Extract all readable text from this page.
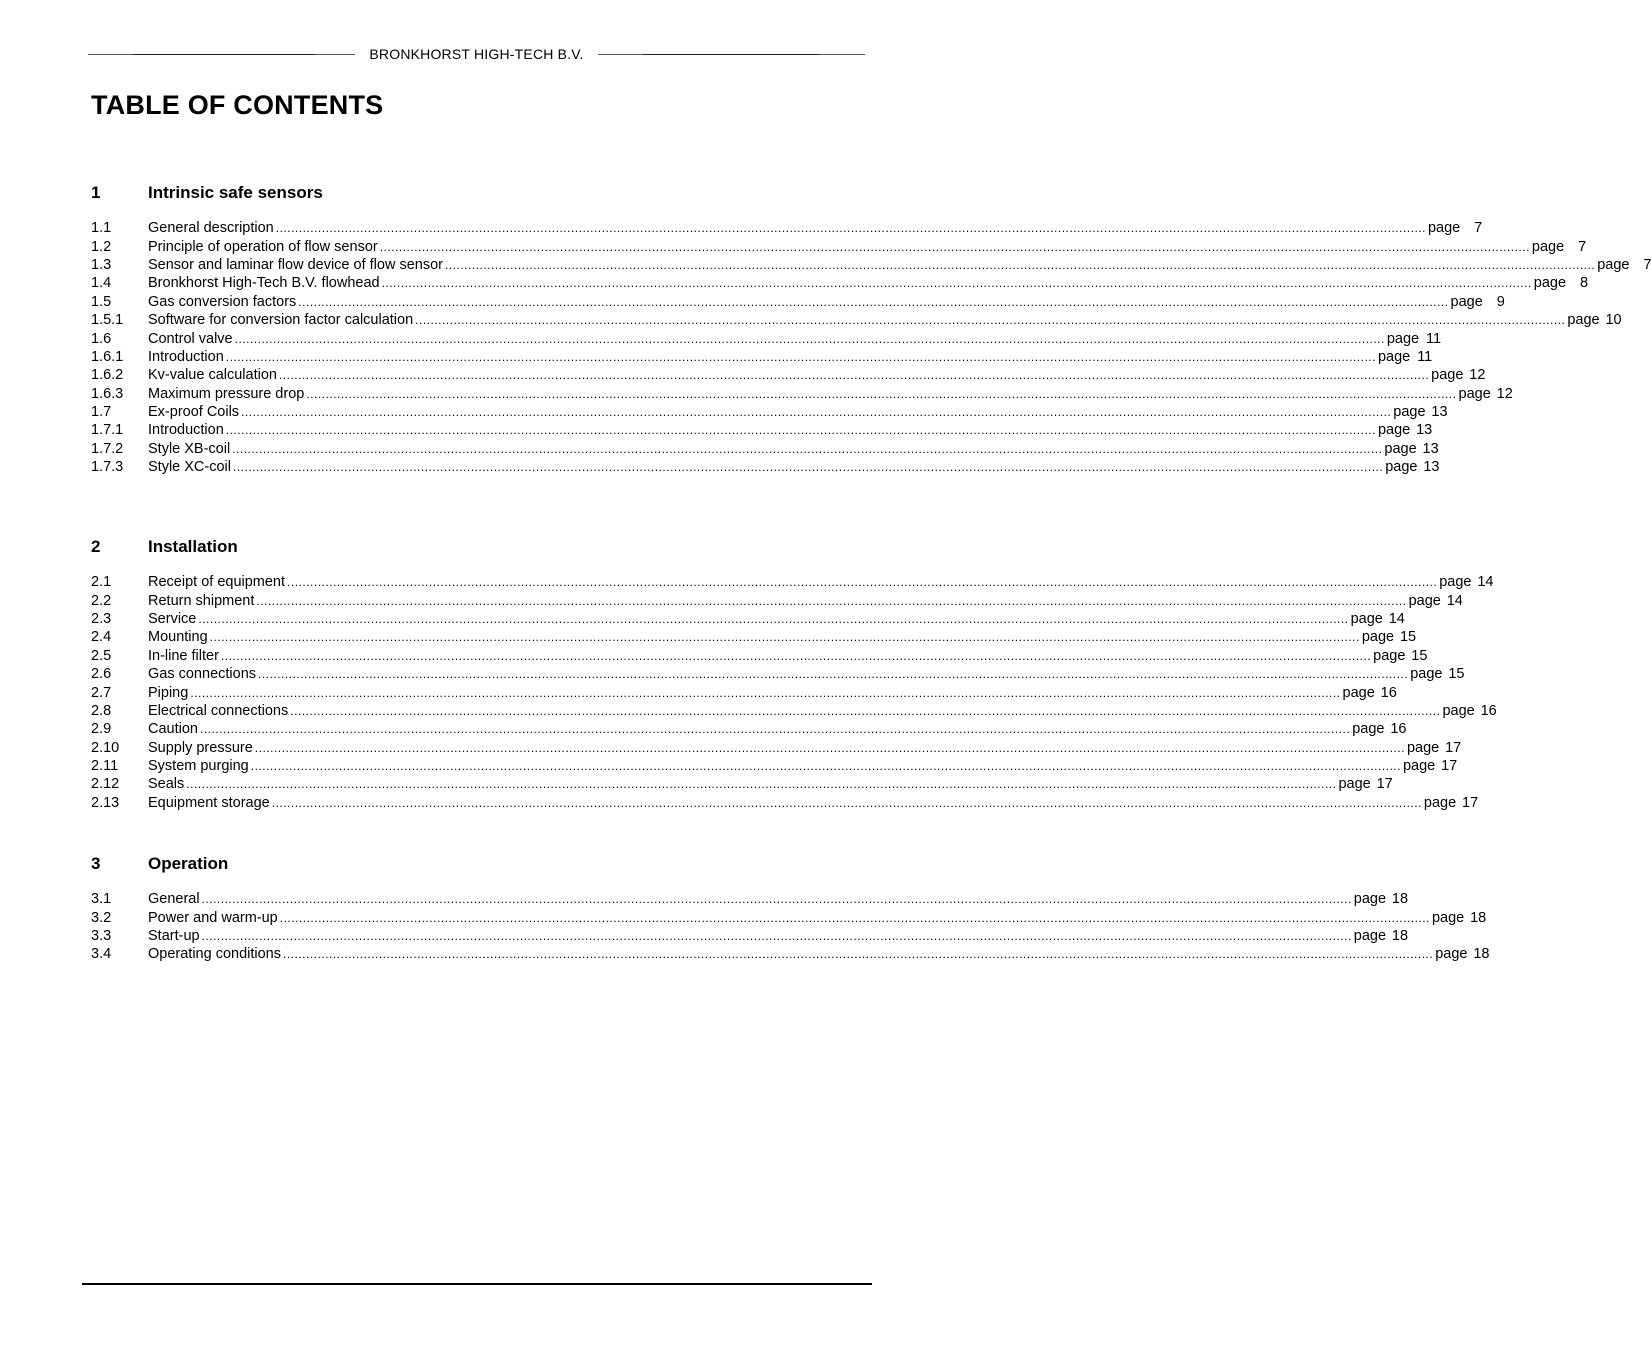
BRONKHORST HIGH-TECH B.V.
TABLE OF CONTENTS
1	Intrinsic safe sensors
1.1	General description ............................................................................................................................................................................................................................................................................................................ page 7
1.2	Principle of operation of flow sensor ............................................................................................................................................................................................................................................................................................................ page 7
1.3	Sensor and laminar flow device of flow sensor ............................................................................................................................................................................................................................................................................................................ page 7
1.4	Bronkhorst High-Tech B.V. flowhead ............................................................................................................................................................................................................................................................................................................ page 8
1.5	Gas conversion factors ............................................................................................................................................................................................................................................................................................................ page 9
1.5.1	Software for conversion factor calculation ............................................................................................................................................................................................................................................................................................................ page 10
1.6	Control valve ............................................................................................................................................................................................................................................................................................................ page 11
1.6.1	Introduction ............................................................................................................................................................................................................................................................................................................ page 11
1.6.2	Kv-value calculation ............................................................................................................................................................................................................................................................................................................ page 12
1.6.3	Maximum pressure drop ............................................................................................................................................................................................................................................................................................................ page 12
1.7	Ex-proof Coils ............................................................................................................................................................................................................................................................................................................ page 13
1.7.1	Introduction ............................................................................................................................................................................................................................................................................................................ page 13
1.7.2	Style XB-coil ............................................................................................................................................................................................................................................................................................................ page 13
1.7.3	Style XC-coil ............................................................................................................................................................................................................................................................................................................ page 13
2	Installation
2.1	Receipt of equipment ............................................................................................................................................................................................................................................................................................................ page 14
2.2	Return shipment ............................................................................................................................................................................................................................................................................................................ page 14
2.3	Service ............................................................................................................................................................................................................................................................................................................ page 14
2.4	Mounting ............................................................................................................................................................................................................................................................................................................ page 15
2.5	In-line filter ............................................................................................................................................................................................................................................................................................................ page 15
2.6	Gas connections ............................................................................................................................................................................................................................................................................................................ page 15
2.7	Piping ............................................................................................................................................................................................................................................................................................................ page 16
2.8	Electrical connections ............................................................................................................................................................................................................................................................................................................ page 16
2.9	Caution ............................................................................................................................................................................................................................................................................................................ page 16
2.10	Supply pressure ............................................................................................................................................................................................................................................................................................................ page 17
2.11	System purging ............................................................................................................................................................................................................................................................................................................ page 17
2.12	Seals ............................................................................................................................................................................................................................................................................................................ page 17
2.13	Equipment storage ............................................................................................................................................................................................................................................................................................................ page 17
3	Operation
3.1	General ............................................................................................................................................................................................................................................................................................................ page 18
3.2	Power and warm-up ............................................................................................................................................................................................................................................................................................................ page 18
3.3	Start-up ............................................................................................................................................................................................................................................................................................................ page 18
3.4	Operating conditions ............................................................................................................................................................................................................................................................................................................ page 18
